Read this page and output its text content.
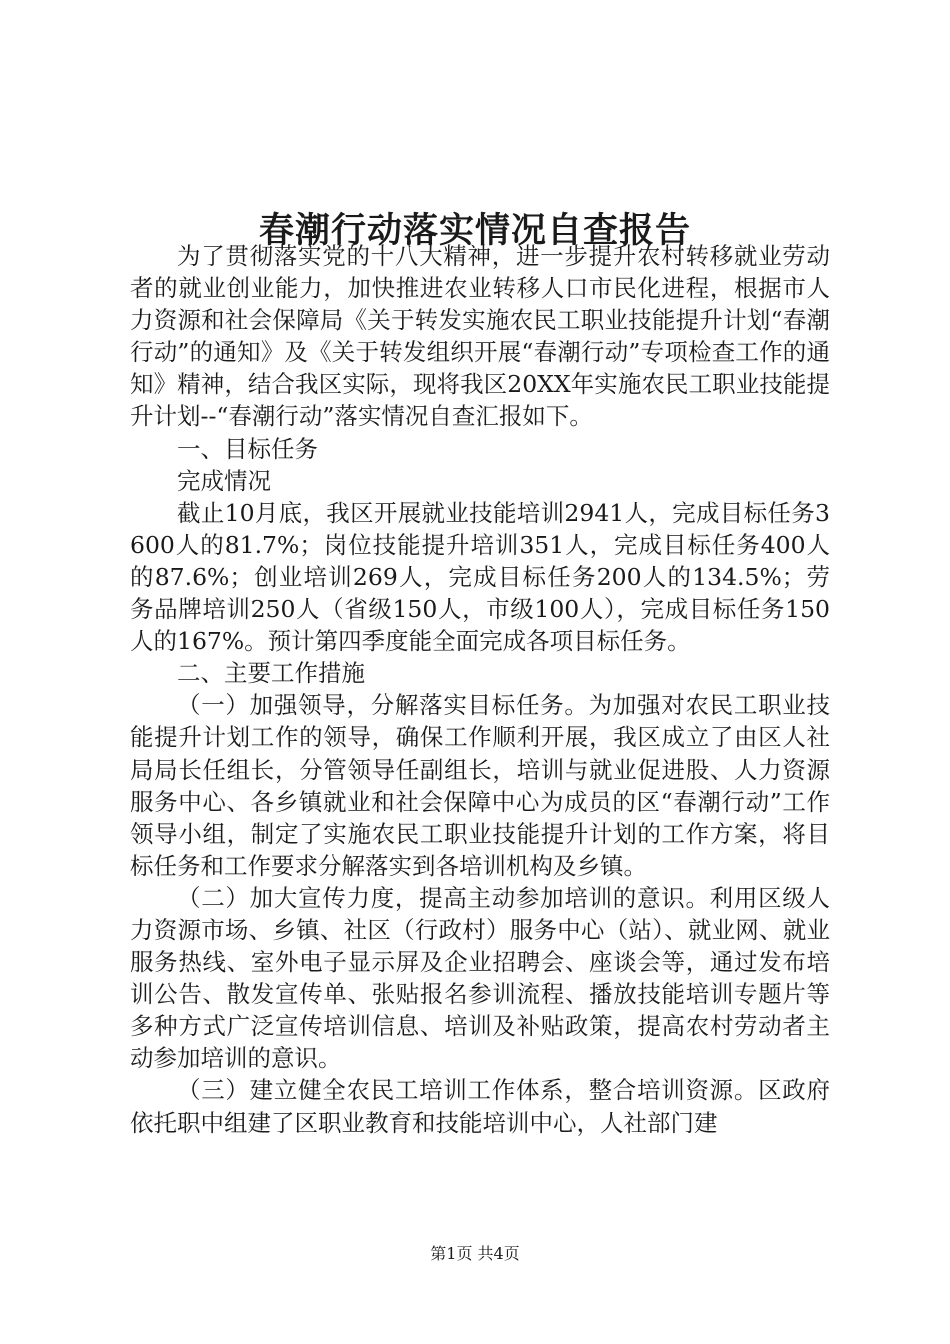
春潮行动落实情况自查报告

为了贯彻落实党的十八大精神，进一步提升农村转移就业劳动者的就业创业能力，加快推进农业转移人口市民化进程，根据市人力资源和社会保障局《关于转发实施农民工职业技能提升计划“春潮行动”的通知》及《关于转发组织开展“春潮行动”专项检查工作的通知》精神，结合我区实际，现将我区20XX年实施农民工职业技能提升计划--“春潮行动”落实情况自查汇报如下。

一、目标任务

完成情况

截止10月底，我区开展就业技能培训2941人，完成目标任务3600人的81.7%；岗位技能提升培训351人，完成目标任务400人的87.6%；创业培训269人，完成目标任务200人的134.5%；劳务品牌培训250人（省级150人，市级100人），完成目标任务150人的167%。预计第四季度能全面完成各项目标任务。

二、主要工作措施

（一）加强领导，分解落实目标任务。为加强对农民工职业技能提升计划工作的领导，确保工作顺利开展，我区成立了由区人社局局长任组长，分管领导任副组长，培训与就业促进股、人力资源服务中心、各乡镇就业和社会保障中心为成员的区“春潮行动”工作领导小组，制定了实施农民工职业技能提升计划的工作方案，将目标任务和工作要求分解落实到各培训机构及乡镇。

（二）加大宣传力度，提高主动参加培训的意识。利用区级人力资源市场、乡镇、社区（行政村）服务中心（站）、就业网、就业服务热线、室外电子显示屏及企业招聘会、座谈会等，通过发布培训公告、散发宣传单、张贴报名参训流程、播放技能培训专题片等多种方式广泛宣传培训信息、培训及补贴政策，提高农村劳动者主动参加培训的意识。

（三）建立健全农民工培训工作体系，整合培训资源。区政府依托职中组建了区职业教育和技能培训中心，人社部门建

第1页 共4页
